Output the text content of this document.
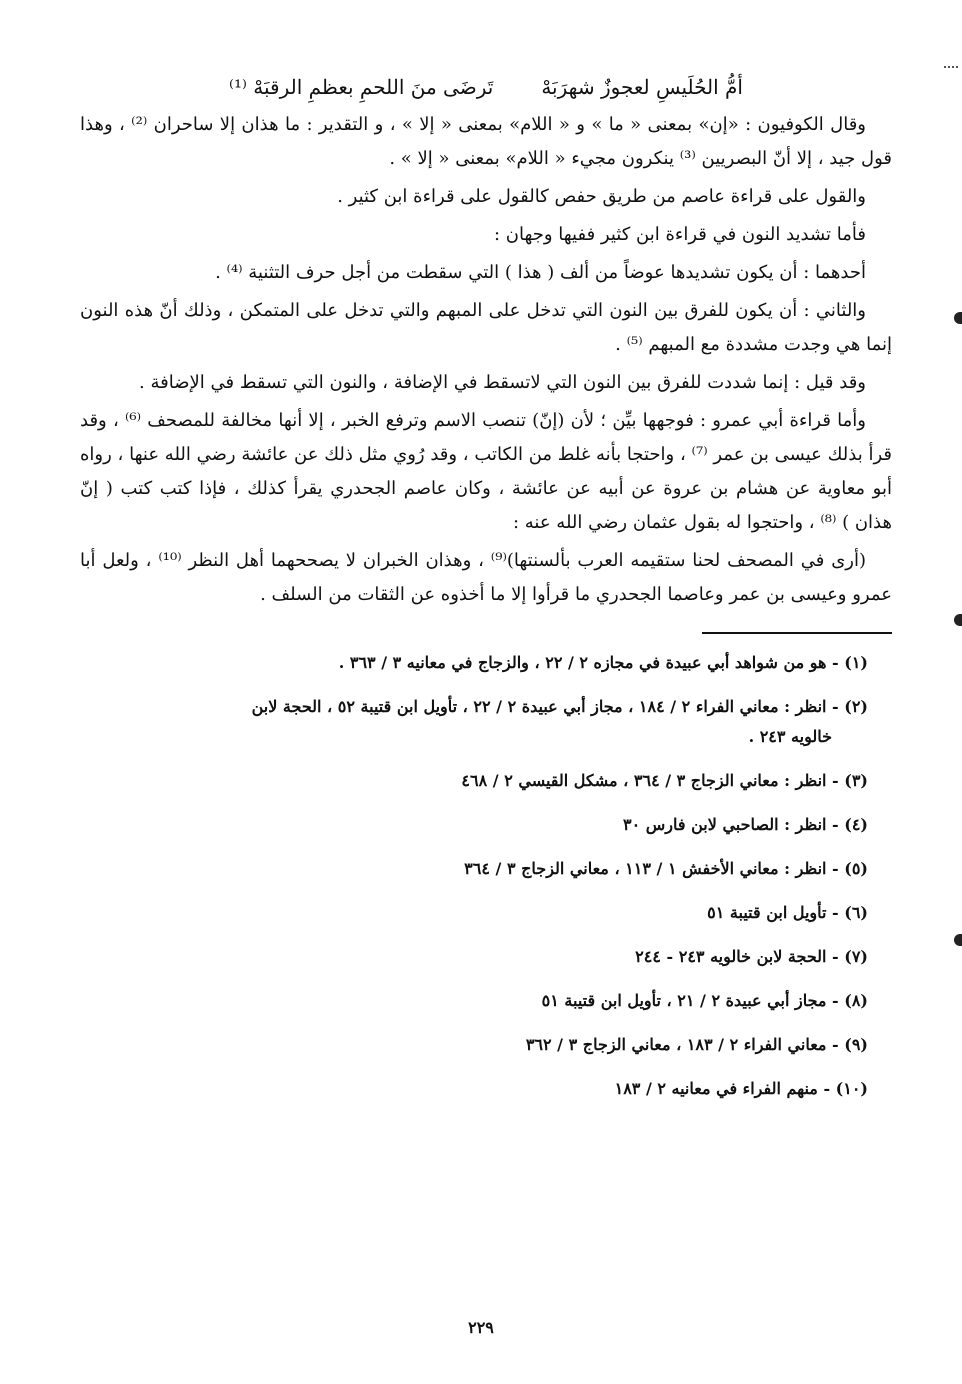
أمُّ الحُلَيسِ لعجوزٌ شهرَبَهْ
تَرضَى منَ اللحمِ بعظمِ الرقبَهْ ⁽¹⁾

وقال الكوفيون : «إن» بمعنى « ما » و « اللام» بمعنى « إلا » ، و التقدير : ما هذان إلا ساحران ⁽²⁾ ، وهذا قول جيد ، إلا أنّ البصريين ⁽³⁾ ينكرون مجيء « اللام» بمعنى « إلا » .

والقول على قراءة عاصم من طريق حفص كالقول على قراءة ابن كثير .

فأما تشديد النون في قراءة ابن كثير ففيها وجهان :

أحدهما : أن يكون تشديدها عوضاً من ألف ( هذا ) التي سقطت من أجل حرف التثنية ⁽⁴⁾ .

والثاني : أن يكون للفرق بين النون التي تدخل على المبهم والتي تدخل على المتمكن ، وذلك أنّ هذه النون إنما هي وجدت مشددة مع المبهم ⁽⁵⁾ .

وقد قيل : إنما شددت للفرق بين النون التي لاتسقط في الإضافة ، والنون التي تسقط في الإضافة .

وأما قراءة أبي عمرو : فوجهها بيِّن ؛ لأن (إنّ) تنصب الاسم وترفع الخبر ، إلا أنها مخالفة للمصحف ⁽⁶⁾ ، وقد قرأ بذلك عيسى بن عمر ⁽⁷⁾ ، واحتجا بأنه غلط من الكاتب ، وقد رُوي مثل ذلك عن عائشة رضي الله عنها ، رواه أبو معاوية عن هشام بن عروة عن أبيه عن عائشة ، وكان عاصم الجحدري يقرأ كذلك ، فإذا كتب كتب ( إنّ هذان ) ⁽⁸⁾ ، واحتجوا له بقول عثمان رضي الله عنه :

(أرى في المصحف لحنا ستقيمه العرب بألسنتها)⁽⁹⁾ ، وهذان الخبران لا يصححهما أهل النظر ⁽¹⁰⁾ ، ولعل أبا عمرو وعيسى بن عمر وعاصما الجحدري ما قرأوا إلا ما أخذوه عن الثقات من السلف .

(١) - هو من شواهد أبي عبيدة في مجازه ٢ / ٢٢ ، والزجاج في معانيه ٣ / ٣٦٣ .

(٢) - انظر : معاني الفراء ٢ / ١٨٤ ، مجاز أبي عبيدة ٢ / ٢٢ ، تأويل ابن قتيبة ٥٢ ، الحجة لابن

خالويه ٢٤٣ .

(٣) - انظر : معاني الزجاج ٣ / ٣٦٤ ، مشكل القيسي ٢ / ٤٦٨

(٤) - انظر : الصاحبي لابن فارس ٣٠

(٥) - انظر : معاني الأخفش ١ / ١١٣ ، معاني الزجاج ٣ / ٣٦٤

(٦) - تأويل ابن قتيبة ٥١

(٧) - الحجة لابن خالويه ٢٤٣ - ٢٤٤

(٨) - مجاز أبي عبيدة ٢ / ٢١ ، تأويل ابن قتيبة ٥١

(٩) - معاني الفراء ٢ / ١٨٣ ، معاني الزجاج ٣ / ٣٦٢

(١٠) - منهم الفراء في معانيه ٢ / ١٨٣

٢٢٩
